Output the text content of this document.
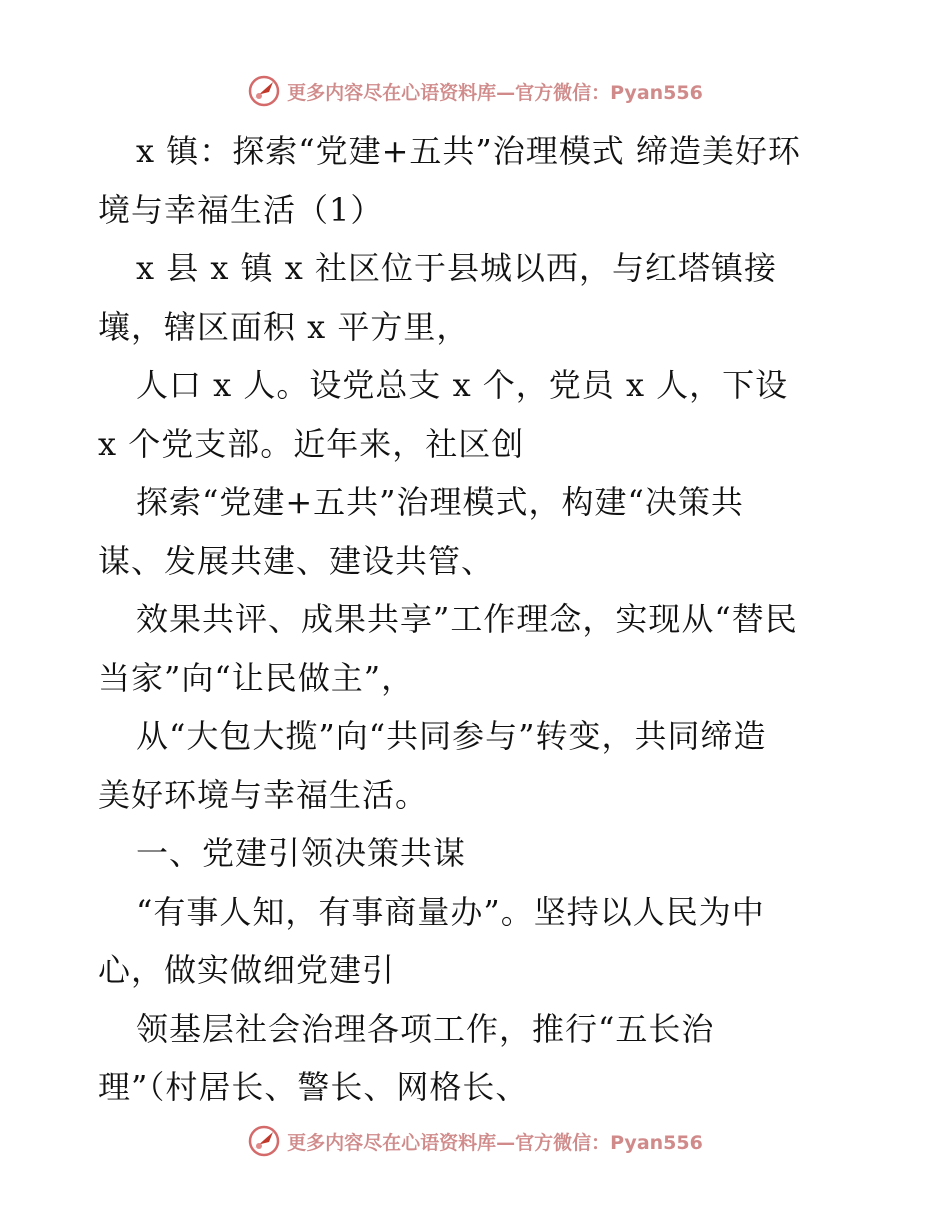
更多内容尽在心语资料库—官方微信：Pyan556

x 镇：探索“党建+五共”治理模式 缔造美好环

境与幸福生活（1）

x 县 x 镇 x 社区位于县城以西，与红塔镇接

壤，辖区面积 x 平方里，

人口 x 人。设党总支 x 个，党员 x 人，下设

x 个党支部。近年来，社区创

探索“党建+五共”治理模式，构建“决策共

谋、发展共建、建设共管、

效果共评、成果共享”工作理念，实现从“替民

当家”向“让民做主”，

从“大包大揽”向“共同参与”转变，共同缔造

美好环境与幸福生活。

一、党建引领决策共谋

“有事人知，有事商量办”。坚持以人民为中

心，做实做细党建引

领基层社会治理各项工作，推行“五长治

理”（村居长、警长、网格长、

更多内容尽在心语资料库—官方微信：Pyan556
